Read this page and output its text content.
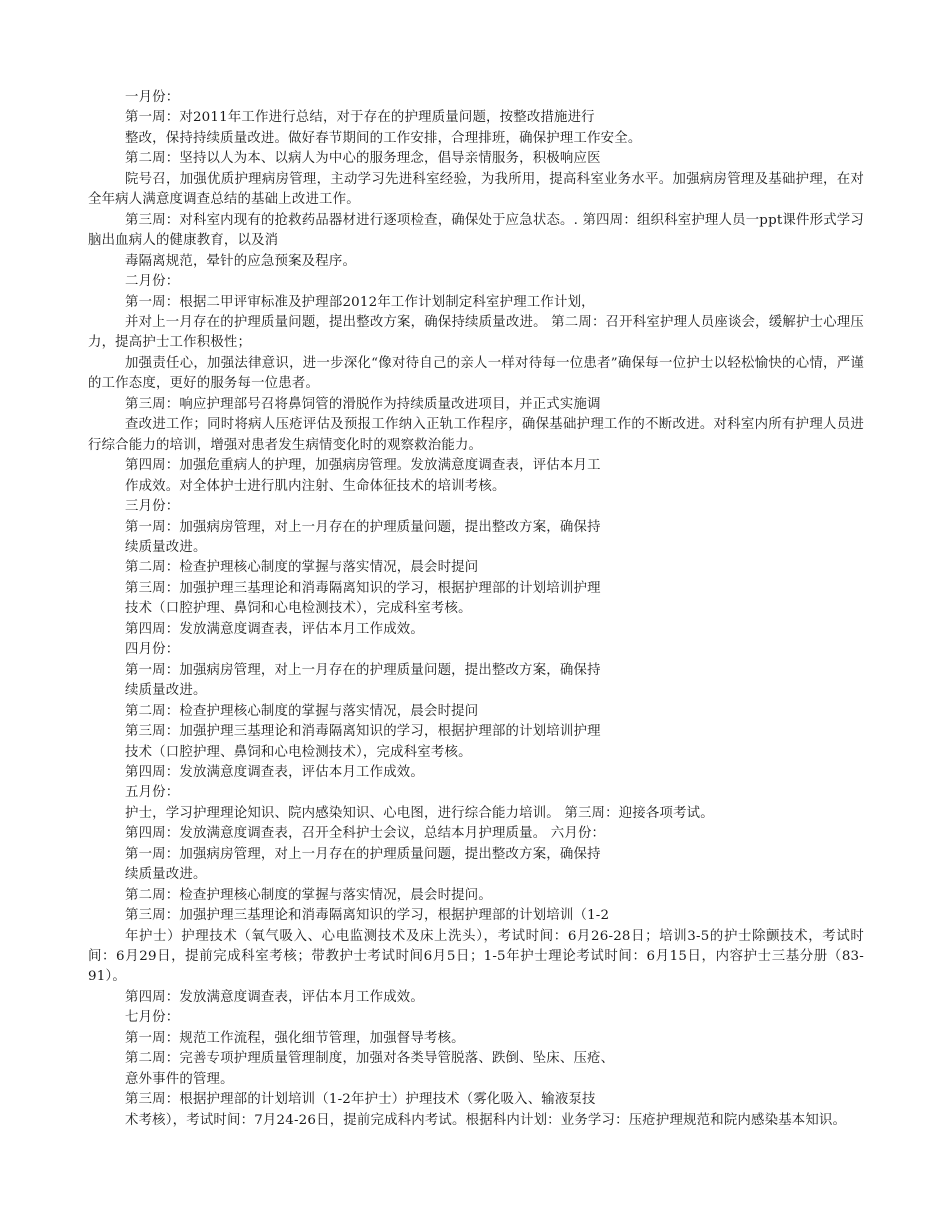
一月份：

第一周：对2011年工作进行总结，对于存在的护理质量问题，按整改措施进行

整改，保持持续质量改进。做好春节期间的工作安排，合理排班，确保护理工作安全。

第二周：坚持以人为本、以病人为中心的服务理念，倡导亲情服务，积极响应医

院号召，加强优质护理病房管理，主动学习先进科室经验，为我所用，提高科室业务水平。加强病房管理及基础护理，在对全年病人满意度调查总结的基础上改进工作。

第三周：对科室内现有的抢救药品器材进行逐项检查，确保处于应急状态。. 第四周：组织科室护理人员一ppt课件形式学习脑出血病人的健康教育，以及消

毒隔离规范，晕针的应急预案及程序。

二月份：

第一周：根据二甲评审标准及护理部2012年工作计划制定科室护理工作计划，

并对上一月存在的护理质量问题，提出整改方案，确保持续质量改进。 第二周：召开科室护理人员座谈会，缓解护士心理压力，提高护士工作积极性；

加强责任心，加强法律意识，进一步深化“像对待自己的亲人一样对待每一位患者”确保每一位护士以轻松愉快的心情，严谨的工作态度，更好的服务每一位患者。

第三周：响应护理部号召将鼻饲管的滑脱作为持续质量改进项目，并正式实施调

查改进工作；同时将病人压疮评估及预报工作纳入正轨工作程序，确保基础护理工作的不断改进。对科室内所有护理人员进行综合能力的培训，增强对患者发生病情变化时的观察救治能力。

第四周：加强危重病人的护理，加强病房管理。发放满意度调查表，评估本月工

作成效。对全体护士进行肌内注射、生命体征技术的培训考核。

三月份：

第一周：加强病房管理，对上一月存在的护理质量问题，提出整改方案，确保持

续质量改进。

第二周：检查护理核心制度的掌握与落实情况，晨会时提问

第三周：加强护理三基理论和消毒隔离知识的学习，根据护理部的计划培训护理

技术（口腔护理、鼻饲和心电检测技术），完成科室考核。

第四周：发放满意度调查表，评估本月工作成效。

四月份：

第一周：加强病房管理，对上一月存在的护理质量问题，提出整改方案，确保持

续质量改进。

第二周：检查护理核心制度的掌握与落实情况，晨会时提问

第三周：加强护理三基理论和消毒隔离知识的学习，根据护理部的计划培训护理

技术（口腔护理、鼻饲和心电检测技术），完成科室考核。

第四周：发放满意度调查表，评估本月工作成效。

五月份：

护士，学习护理理论知识、院内感染知识、心电图，进行综合能力培训。 第三周：迎接各项考试。

第四周：发放满意度调查表，召开全科护士会议，总结本月护理质量。 六月份：

第一周：加强病房管理，对上一月存在的护理质量问题，提出整改方案，确保持

续质量改进。

第二周：检查护理核心制度的掌握与落实情况，晨会时提问。

第三周：加强护理三基理论和消毒隔离知识的学习，根据护理部的计划培训（1-2

年护士）护理技术（氧气吸入、心电监测技术及床上洗头），考试时间：6月26-28日；培训3-5的护士除颤技术，考试时间：6月29日，提前完成科室考核；带教护士考试时间6月5日；1-5年护士理论考试时间：6月15日，内容护士三基分册（83-91）。

第四周：发放满意度调查表，评估本月工作成效。

七月份：

第一周：规范工作流程，强化细节管理，加强督导考核。

第二周：完善专项护理质量管理制度，加强对各类导管脱落、跌倒、坠床、压疮、

意外事件的管理。

第三周：根据护理部的计划培训（1-2年护士）护理技术（雾化吸入、输液泵技

术考核），考试时间：7月24-26日，提前完成科内考试。根据科内计划：业务学习：压疮护理规范和院内感染基本知识。
